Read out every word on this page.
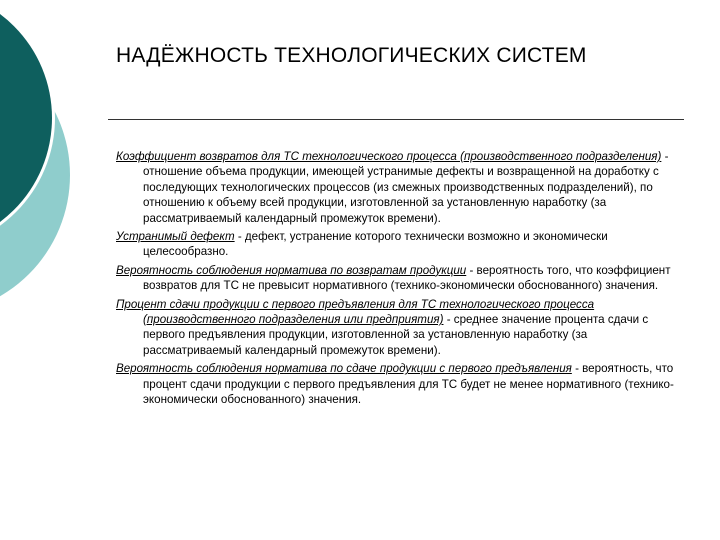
НАДЁЖНОСТЬ ТЕХНОЛОГИЧЕСКИХ СИСТЕМ

Коэффициент возвратов для ТС технологического процесса (производственного подразделения) - отношение объема продукции, имеющей устранимые дефекты и возвращенной на доработку с последующих технологических процессов (из смежных производственных подразделений), по отношению к объему всей продукции, изготовленной за установленную наработку (за рассматриваемый календарный промежуток времени).

Устранимый дефект - дефект, устранение которого технически возможно и экономически целесообразно.

Вероятность соблюдения норматива по возвратам продукции - вероятность того, что коэффициент возвратов для ТС не превысит нормативного (технико-экономически обоснованного) значения.

Процент сдачи продукции с первого предъявления для ТС технологического процесса (производственного подразделения или предприятия) - среднее значение процента сдачи с первого предъявления продукции, изготовленной за установленную наработку (за рассматриваемый календарный промежуток времени).

Вероятность соблюдения норматива по сдаче продукции с первого предъявления - вероятность, что процент сдачи продукции с первого предъявления для ТС будет не менее нормативного (технико-экономически обоснованного) значения.
